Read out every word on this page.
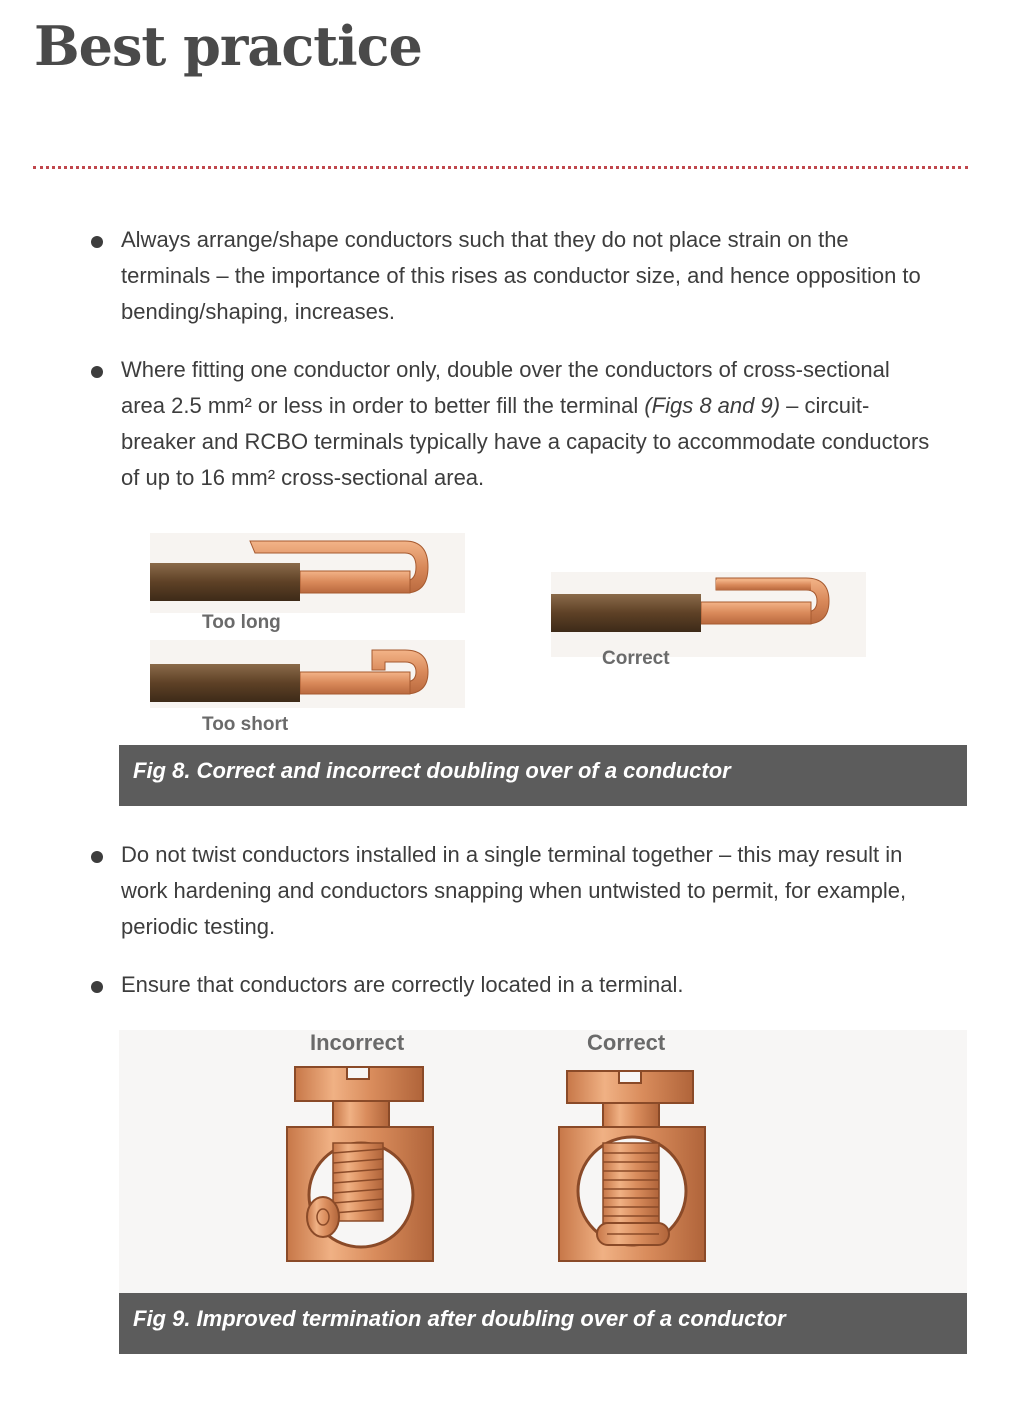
Best practice

Always arrange/shape conductors such that they do not place strain on the

terminals – the importance of this rises as conductor size, and hence opposition to

bending/shaping, increases.

Where fitting one conductor only, double over the conductors of cross-sectional

area 2.5 mm² or less in order to better fill the terminal (Figs 8 and 9) – circuit-

breaker and RCBO terminals typically have a capacity to accommodate conductors

of up to 16 mm² cross-sectional area.

Too long
Too short
Correct
Fig 8. Correct and incorrect doubling over of a conductor

Do not twist conductors installed in a single terminal together – this may result in

work hardening and conductors snapping when untwisted to permit, for example,

periodic testing.

Ensure that conductors are correctly located in a terminal.

Incorrect	Correct
Fig 9. Improved termination after doubling over of a conductor
